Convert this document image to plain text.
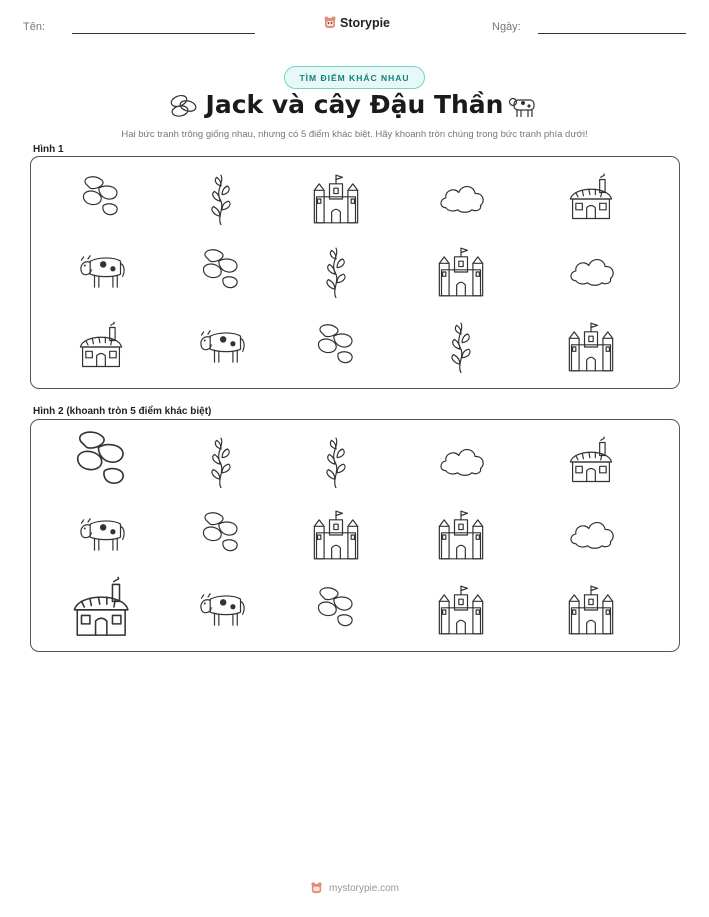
Tên:	Storypie	Ngày:
TÌM ĐIỂM KHÁC NHAU
Jack và cây Đậu Thần
Hai bức tranh trông giống nhau, nhưng có 5 điểm khác biệt. Hãy khoanh tròn chúng trong bức tranh phía dưới!
Hình 1
Hình 2 (khoanh tròn 5 điểm khác biệt)
mystorypie.com
